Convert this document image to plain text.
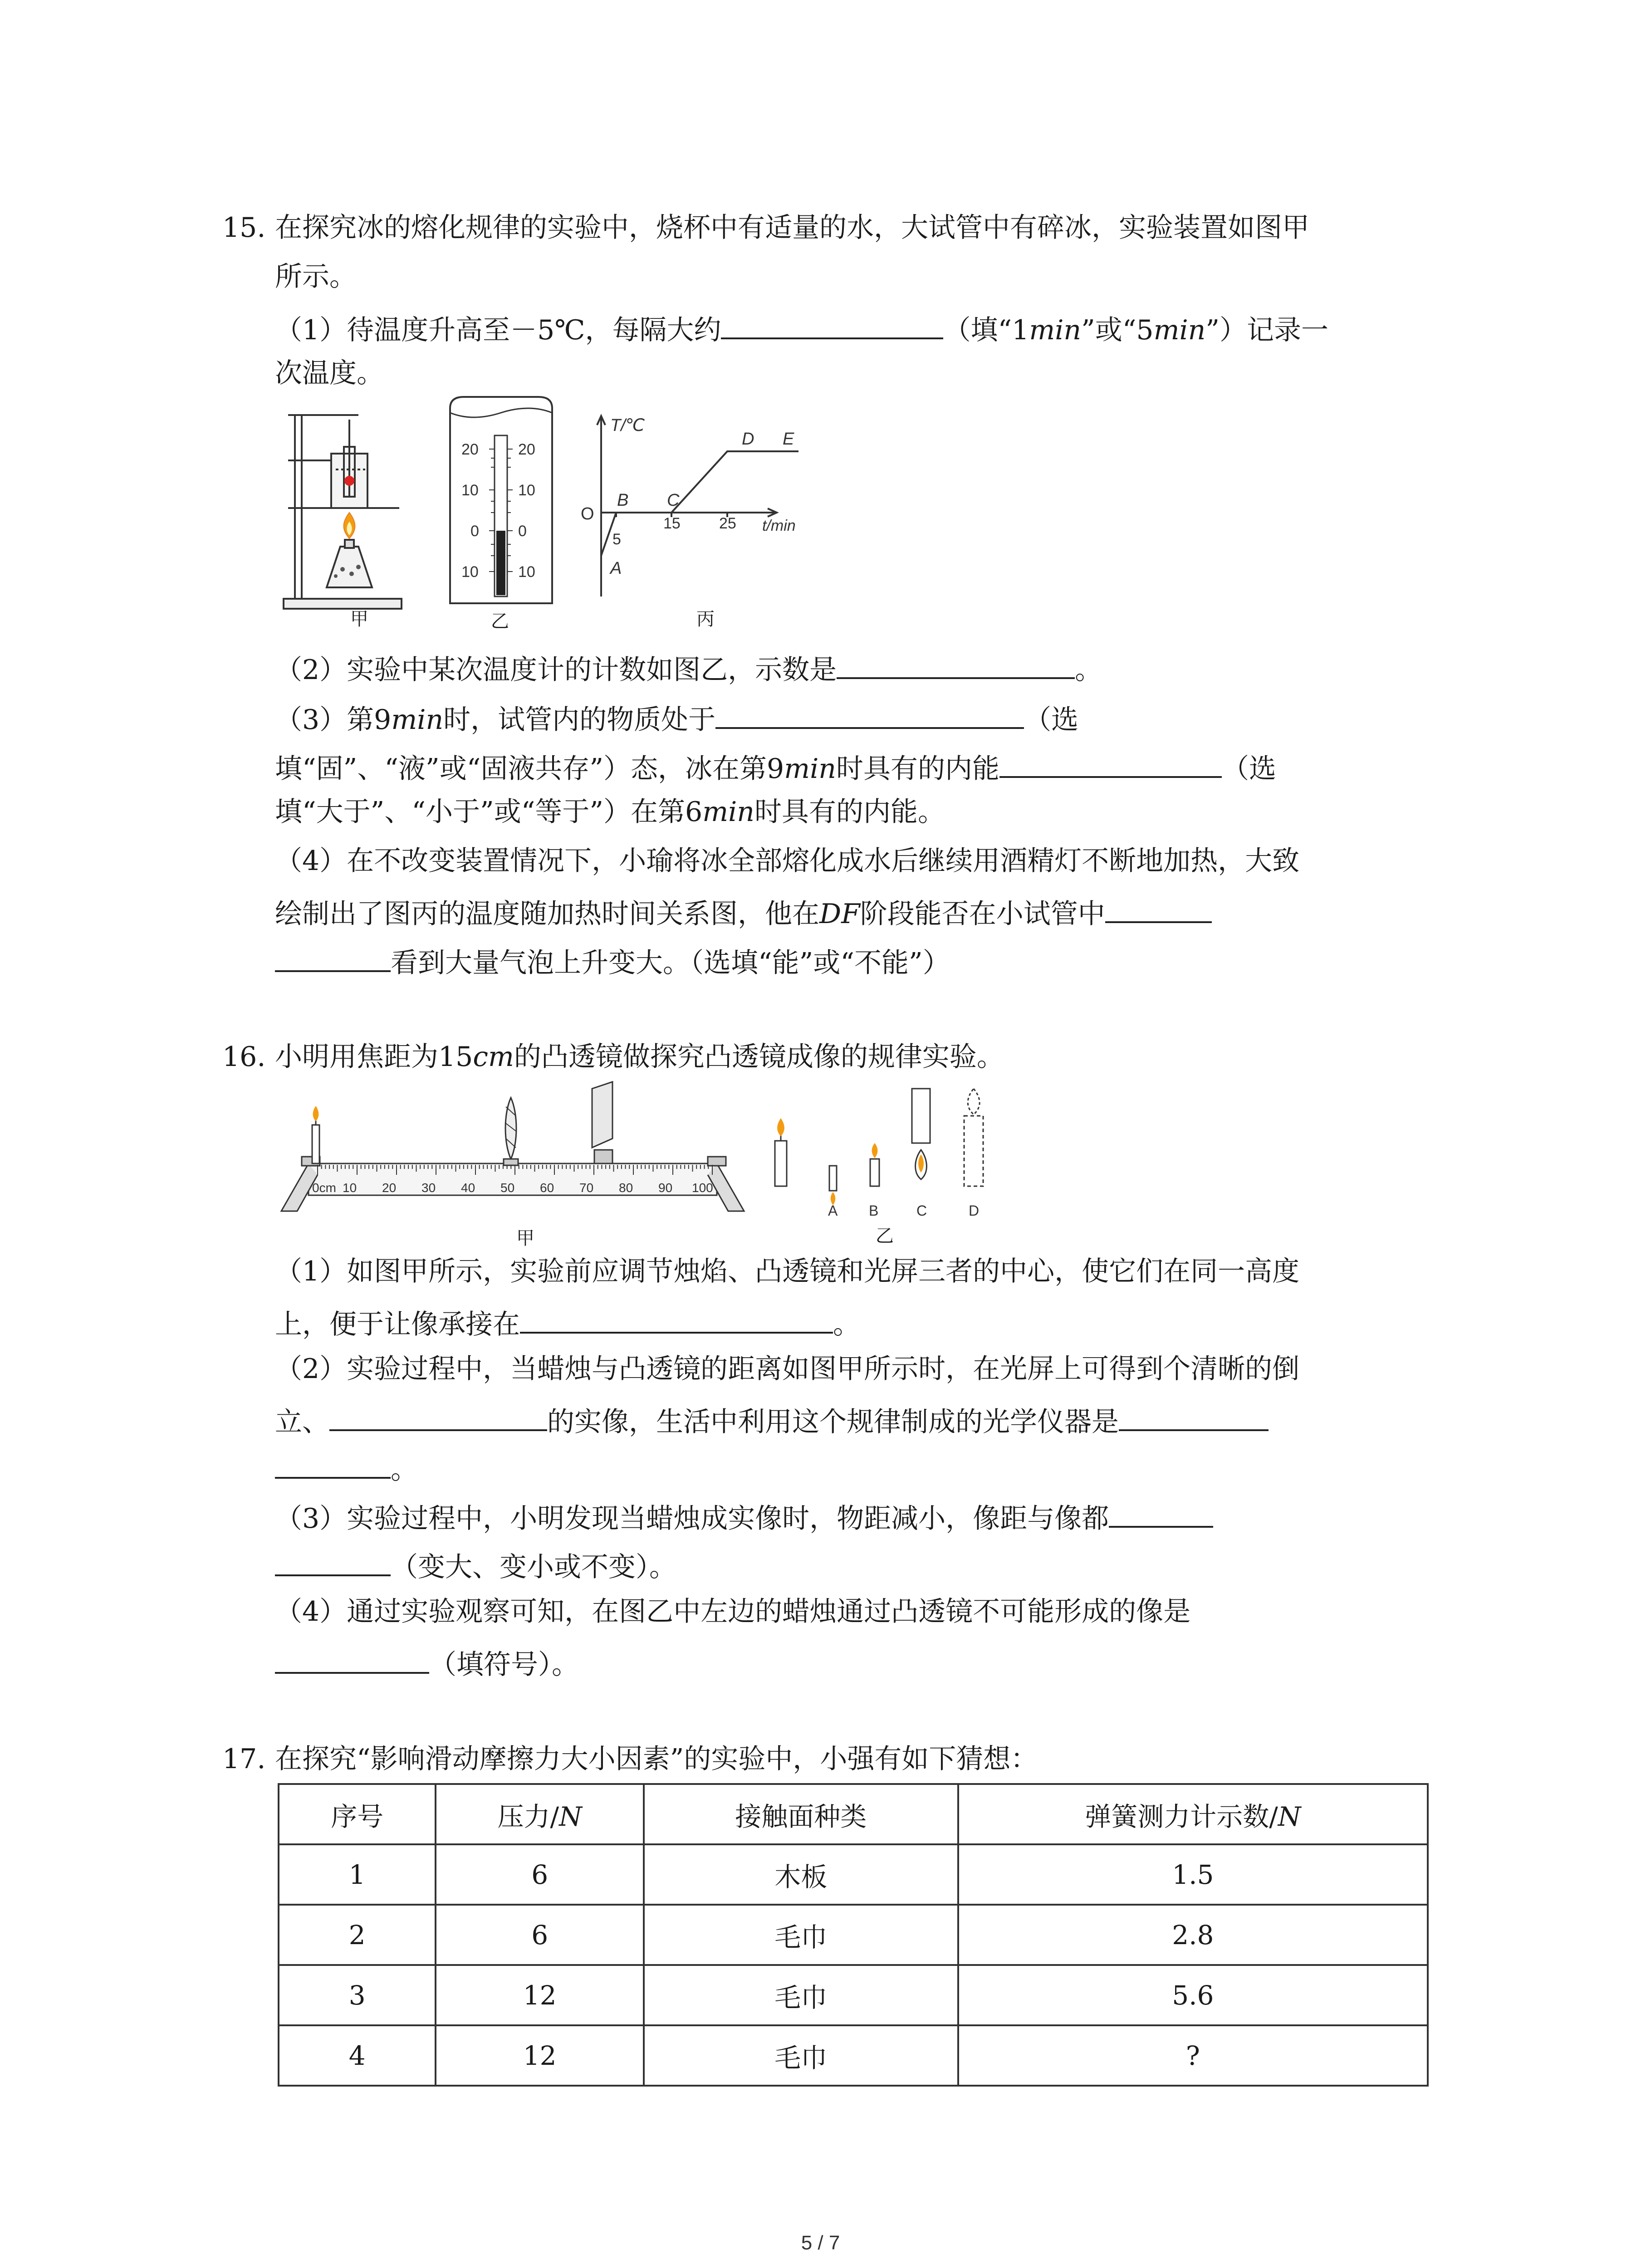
15. 在探究冰的熔化规律的实验中，烧杯中有适量的水，大试管中有碎冰，实验装置如图甲
所示。
（1）待温度升高至－5℃，每隔大约	（填“1min”或“5min”）记录一
次温度。
20
10
0
10
20
10
0
10
T/℃
O
5
15	25 t/min
A
B C
D E
甲	乙	丙
（2）实验中某次温度计的计数如图乙，示数是	。
（3）第9min时，试管内的物质处于	（选
填“固”、“液”或“固液共存”）态，冰在第9min时具有的内能	（选
填“大于”、“小于”或“等于”）在第6min时具有的内能。
（4）在不改变装置情况下，小瑜将冰全部熔化成水后继续用酒精灯不断地加热，大致
绘制出了图丙的温度随加热时间关系图，他在DF阶段能否在小试管中
看到大量气泡上升变大。（选填“能”或“不能”）
16. 小明用焦距为15cm的凸透镜做探究凸透镜成像的规律实验。
0cm 10 20 30 40 50 60 70 80 90 100
甲
A B	C	D
乙
（1）如图甲所示，实验前应调节烛焰、凸透镜和光屏三者的中心，使它们在同一高度
上，便于让像承接在	。
（2）实验过程中，当蜡烛与凸透镜的距离如图甲所示时，在光屏上可得到个清晰的倒
立、	的实像，生活中利用这个规律制成的光学仪器是
。
（3）实验过程中，小明发现当蜡烛成实像时，物距减小，像距与像都
（变大、变小或不变）。
（4）通过实验观察可知，在图乙中左边的蜡烛通过凸透镜不可能形成的像是
（填符号）。
17. 在探究“影响滑动摩擦力大小因素”的实验中，小强有如下猜想：
序号	压力/N	接触面种类	弹簧测力计示数/N
1	6	木板	1.5
2	6	毛巾	2.8
3	12	毛巾	5.6
4	12	毛巾	?
5 / 7
